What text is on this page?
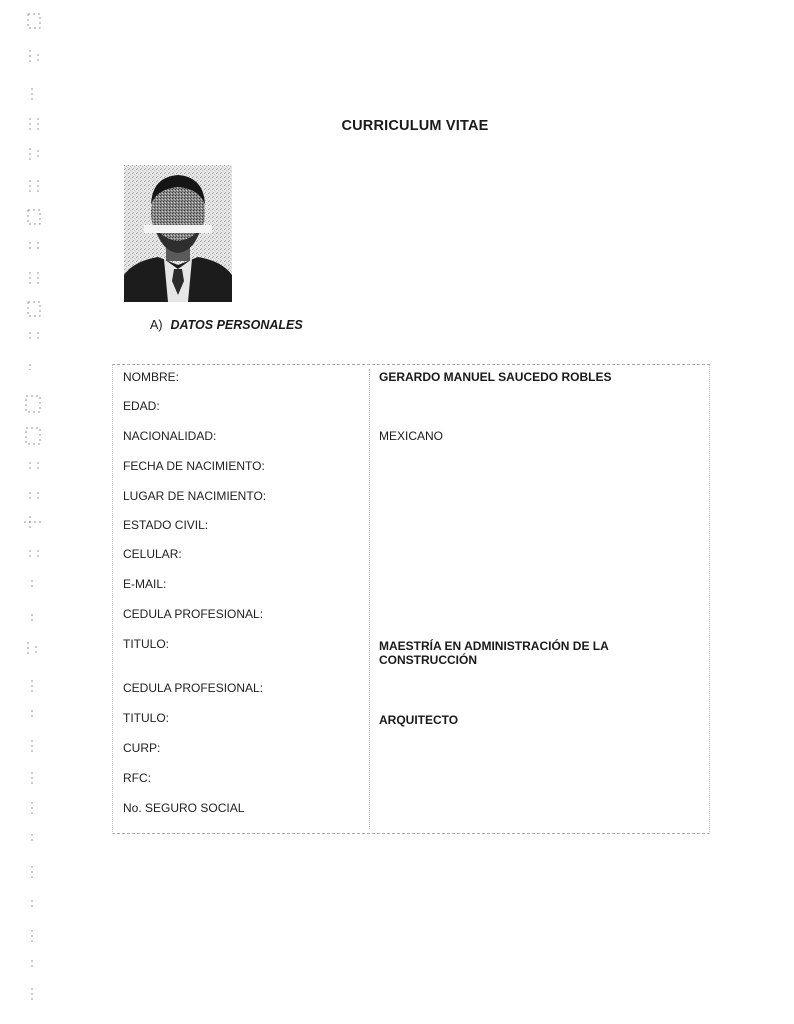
CURRICULUM VITAE
A) DATOS PERSONALES
NOMBRE:	GERARDO MANUEL SAUCEDO ROBLES
EDAD:
NACIONALIDAD:	MEXICANO
FECHA DE NACIMIENTO:
LUGAR DE NACIMIENTO:
ESTADO CIVIL:
CELULAR:
E-MAIL:
CEDULA PROFESIONAL:
TITULO:	MAESTRÍA EN ADMINISTRACIÓN DE LA CONSTRUCCIÓN
CEDULA PROFESIONAL:
TITULO:	ARQUITECTO
CURP:
RFC:
No. SEGURO SOCIAL
